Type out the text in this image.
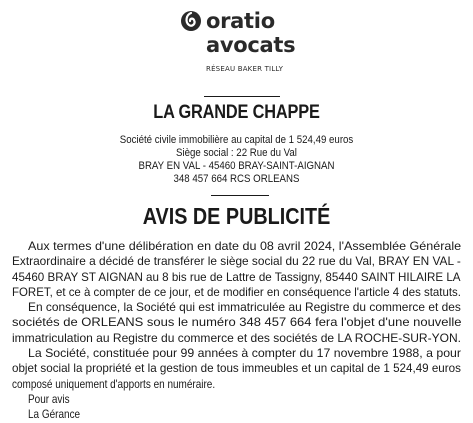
oratio
avocats
RÉSEAU BAKER TILLY
LA GRANDE CHAPPE
Société civile immobilière au capital de 1 524,49 euros
Siège social : 22 Rue du Val
BRAY EN VAL - 45460 BRAY-SAINT-AIGNAN
348 457 664 RCS ORLEANS
AVIS DE PUBLICITÉ
Aux termes d'une délibération en date du 08 avril 2024, l'Assemblée Générale
Extraordinaire a décidé de transférer le siège social du 22 rue du Val, BRAY EN VAL -
45460 BRAY ST AIGNAN au 8 bis rue de Lattre de Tassigny, 85440 SAINT HILAIRE LA
FORET, et ce à compter de ce jour, et de modifier en conséquence l'article 4 des statuts.
En conséquence, la Société qui est immatriculée au Registre du commerce et des
sociétés de ORLEANS sous le numéro 348 457 664 fera l'objet d'une nouvelle
immatriculation au Registre du commerce et des sociétés de LA ROCHE-SUR-YON.
La Société, constituée pour 99 années à compter du 17 novembre 1988, a pour
objet social la propriété et la gestion de tous immeubles et un capital de 1 524,49 euros
composé uniquement d'apports en numéraire.
Pour avis
La Gérance
